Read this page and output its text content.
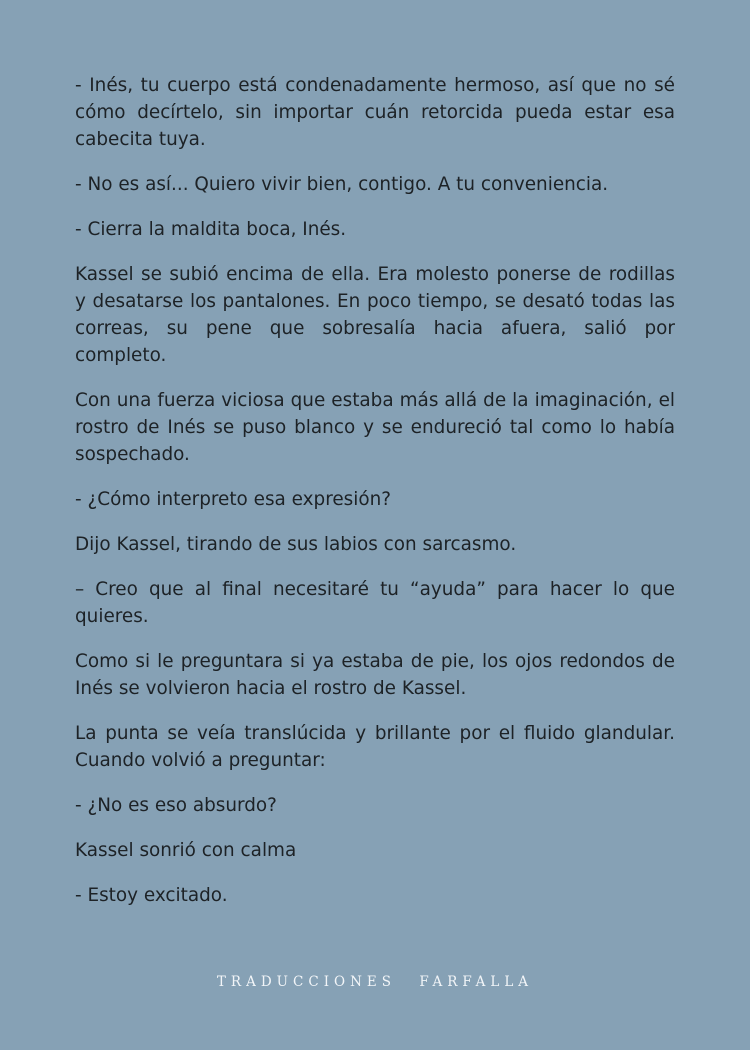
- Inés, tu cuerpo está condenadamente hermoso, así que no sé cómo decírtelo, sin importar cuán retorcida pueda estar esa cabecita tuya.

- No es así... Quiero vivir bien, contigo. A tu conveniencia.

- Cierra la maldita boca, Inés.

Kassel se subió encima de ella. Era molesto ponerse de rodillas y desatarse los pantalones. En poco tiempo, se desató todas las correas, su pene que sobresalía hacia afuera, salió por completo.

Con una fuerza viciosa que estaba más allá de la imaginación, el rostro de Inés se puso blanco y se endureció tal como lo había sospechado.

- ¿Cómo interpreto esa expresión?

Dijo Kassel, tirando de sus labios con sarcasmo.

– Creo que al final necesitaré tu “ayuda” para hacer lo que quieres.

Como si le preguntara si ya estaba de pie, los ojos redondos de Inés se volvieron hacia el rostro de Kassel.

La punta se veía translúcida y brillante por el fluido glandular. Cuando volvió a preguntar:

- ¿No es eso absurdo?

Kassel sonrió con calma

- Estoy excitado.

TRADUCCIONES FARFALLA
